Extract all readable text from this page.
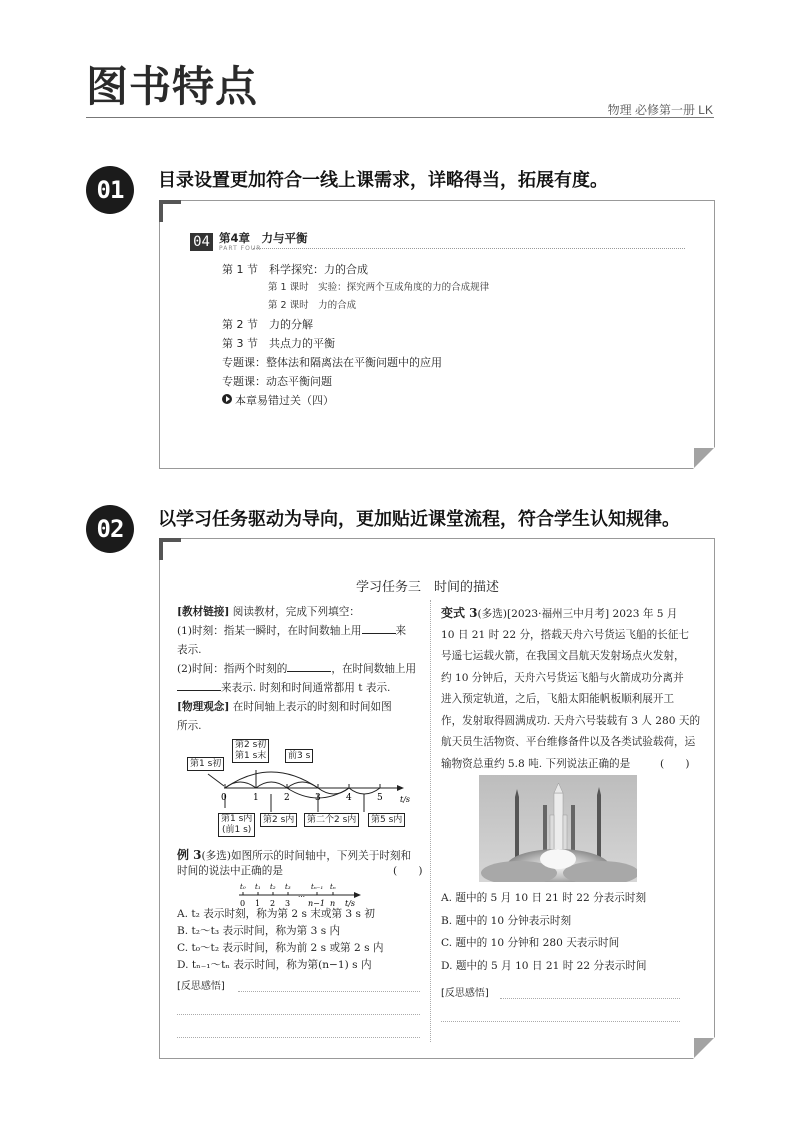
图书特点	物理 必修第一册 LK
01	目录设置更加符合一线上课需求，详略得当，拓展有度。
04 第4章　力与平衡
PART FOUR
第 1 节　科学探究：力的合成
第 1 课时　实验：探究两个互成角度的力的合成规律
第 2 课时　力的合成
第 2 节　力的分解
第 3 节　共点力的平衡
专题课：整体法和隔离法在平衡问题中的应用
专题课：动态平衡问题
本章易错过关（四）
02	以学习任务驱动为导向，更加贴近课堂流程，符合学生认知规律。
学习任务三　时间的描述
[教材链接] 阅读教材，完成下列填空：
(1)时刻：指某一瞬时，在时间数轴上用	来
表示.
(2)时间：指两个时刻的	，在时间数轴上用
来表示. 时刻和时间通常都用 t 表示.
[物理观念] 在时间轴上表示的时刻和时间如图
所示.
0	1	2	3	4	5 t/s
第1 s初
第2 s初
第1 s末	前3 s
第1 s内
(前1 s)
第2 s内	第二个2 s内	第5 s内
例 3(多选)如图所示的时间轴中，下列关于时刻和
时间的说法中正确的是	(　　)
t₀ t₁ t₂ t₃
…
tₙ₋₁ tₙ
0 1 2 3 n−1 n t/s
A. t₂ 表示时刻，称为第 2 s 末或第 3 s 初
B. t₂～t₃ 表示时间，称为第 3 s 内
C. t₀～t₂ 表示时间，称为前 2 s 或第 2 s 内
D. tₙ₋₁～tₙ 表示时间，称为第(n−1) s 内
[反思感悟]
变式 3(多选)[2023·福州三中月考] 2023 年 5 月
10 日 21 时 22 分，搭载天舟六号货运飞船的长征七
号遥七运载火箭，在我国文昌航天发射场点火发射，
约 10 分钟后，天舟六号货运飞船与火箭成功分离并
进入预定轨道，之后，飞船太阳能帆板顺利展开工
作，发射取得圆满成功. 天舟六号装载有 3 人 280 天的
航天员生活物资、平台维修备件以及各类试验载荷，运
输物资总重约 5.8 吨. 下列说法正确的是	(　　)
A. 题中的 5 月 10 日 21 时 22 分表示时刻
B. 题中的 10 分钟表示时刻
C. 题中的 10 分钟和 280 天表示时间
D. 题中的 5 月 10 日 21 时 22 分表示时间
[反思感悟]
